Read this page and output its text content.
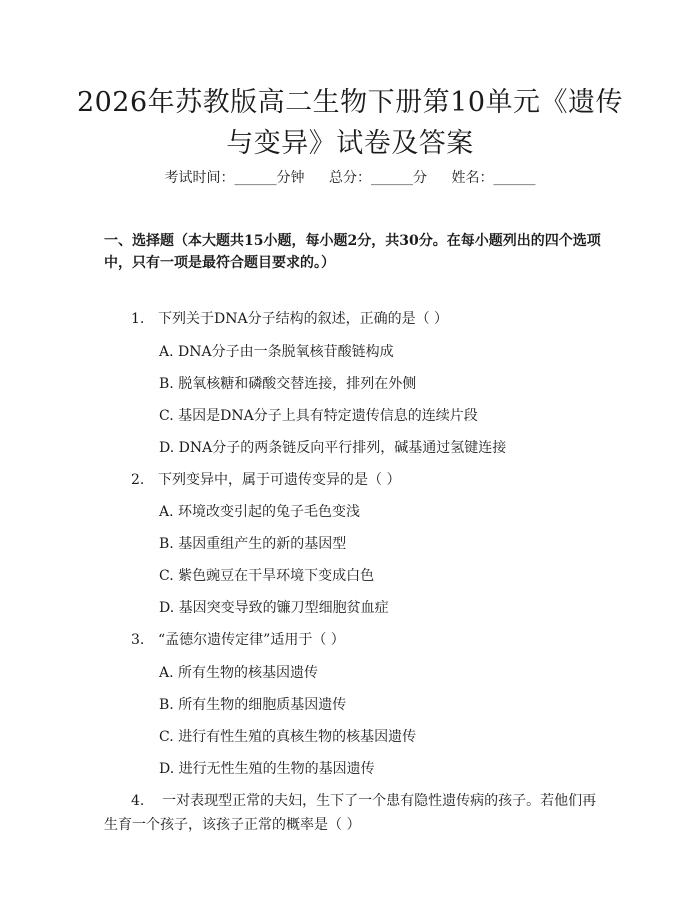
2026年苏教版高二生物下册第10单元《遗传与变异》试卷及答案
考试时间：______分钟 总分：______分 姓名：______
一、选择题（本大题共15小题，每小题2分，共30分。在每小题列出的四个选项中，只有一项是最符合题目要求的。）
1. 下列关于DNA分子结构的叙述，正确的是（ ）
A. DNA分子由一条脱氧核苷酸链构成
B. 脱氧核糖和磷酸交替连接，排列在外侧
C. 基因是DNA分子上具有特定遗传信息的连续片段
D. DNA分子的两条链反向平行排列，碱基通过氢键连接
2. 下列变异中，属于可遗传变异的是（ ）
A. 环境改变引起的兔子毛色变浅
B. 基因重组产生的新的基因型
C. 紫色豌豆在干旱环境下变成白色
D. 基因突变导致的镰刀型细胞贫血症
3. “孟德尔遗传定律”适用于（ ）
A. 所有生物的核基因遗传
B. 所有生物的细胞质基因遗传
C. 进行有性生殖的真核生物的核基因遗传
D. 进行无性生殖的生物的基因遗传
4. 一对表现型正常的夫妇，生下了一个患有隐性遗传病的孩子。若他们再生育一个孩子，该孩子正常的概率是（ ）
